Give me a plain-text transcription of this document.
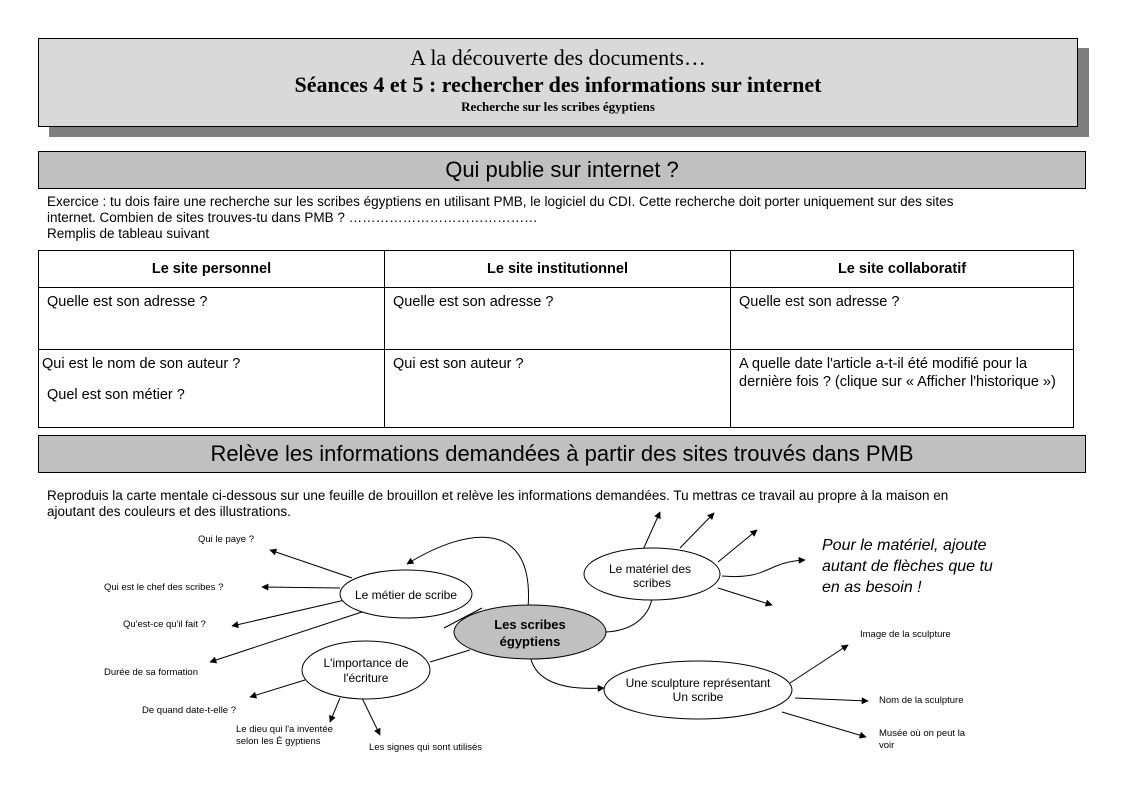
A la découverte des documents…
Séances 4 et 5 : rechercher des informations sur internet
Recherche sur les scribes égyptiens
Qui publie sur internet ?
Exercice : tu dois faire une recherche sur les scribes égyptiens en utilisant PMB, le logiciel du CDI. Cette recherche doit porter uniquement sur des sites
internet. Combien de sites trouves-tu dans PMB ? ……………………………………
Remplis de tableau suivant
Le site personnel	Le site institutionnel	Le site collaboratif

Quelle est son adresse ?	Quelle est son adresse ?	Quelle est son adresse ?

Qui est le nom de son auteur ?
Quel est son métier ?	Qui est son auteur ?	A quelle date l'article a-t-il été modifié pour la dernière fois ? (clique sur « Afficher l'historique »)
Relève les informations demandées à partir des sites trouvés dans PMB
Reproduis la carte mentale ci-dessous sur une feuille de brouillon et relève les informations demandées. Tu mettras ce travail au propre à la maison en
ajoutant des couleurs et des illustrations.
Le métier de scribe
Les scribes
égyptiens
Le matériel des
scribes
L'importance de
l'écriture	Une sculpture représentant
Un scribe
Qui le paye ?
Qui est le chef des scribes ?
Qu'est-ce qu'il fait ?
Durée de sa formation
De quand date-t-elle ?
Le dieu qui l'a inventée
selon les É gyptiens
Les signes qui sont utilisés
Image de la sculpture
Nom de la sculpture
Musée où on peut la
voir
Pour le matériel, ajoute
autant de flèches que tu
en as besoin !
